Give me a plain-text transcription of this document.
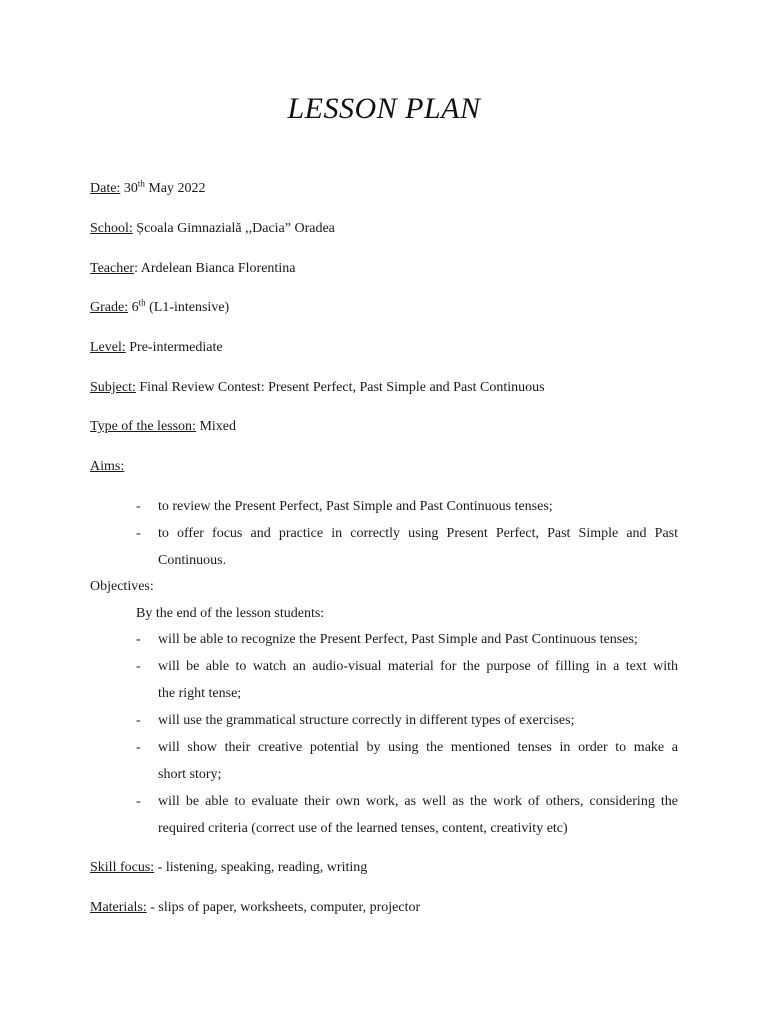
LESSON PLAN
Date: 30th May 2022
School: Școala Gimnazială ,,Dacia” Oradea
Teacher: Ardelean Bianca Florentina
Grade: 6th (L1-intensive)
Level: Pre-intermediate
Subject: Final Review Contest: Present Perfect, Past Simple and Past Continuous
Type of the lesson: Mixed
Aims:
- to review the Present Perfect, Past Simple and Past Continuous tenses;
- to offer focus and practice in correctly using Present Perfect, Past Simple and Past
Continuous.
Objectives:
By the end of the lesson students:
- will be able to recognize the Present Perfect, Past Simple and Past Continuous tenses;
- will be able to watch an audio-visual material for the purpose of filling in a text with
the right tense;
- will use the grammatical structure correctly in different types of exercises;
- will show their creative potential by using the mentioned tenses in order to make a
short story;
- will be able to evaluate their own work, as well as the work of others, considering the
required criteria (correct use of the learned tenses, content, creativity etc)
Skill focus: - listening, speaking, reading, writing
Materials: - slips of paper, worksheets, computer, projector
